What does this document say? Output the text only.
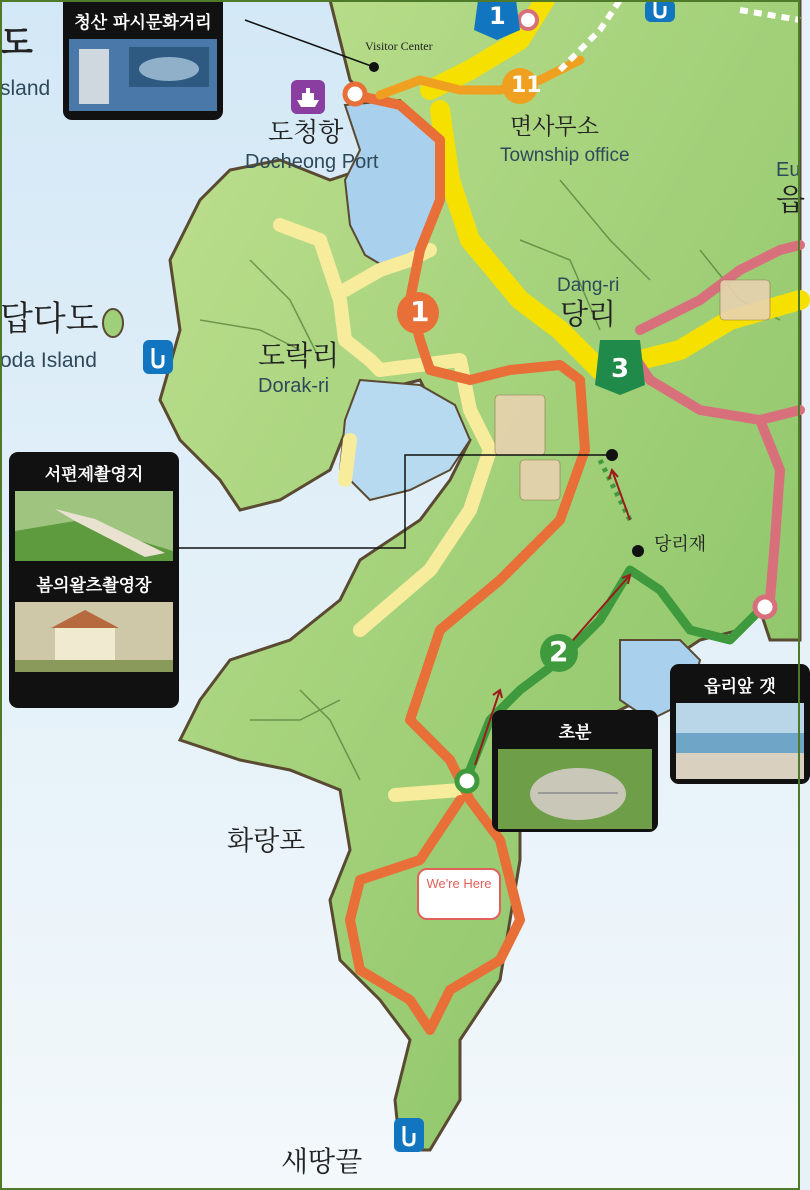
11
1
2
3
1
도
sland
Visitor Center
도청항
Docheong Port
면사무소
Township office
Dang-ri
당리
도락리
Dorak-ri
답다도
oda Island
당리재
화랑포
새땅끝
Eu
읍
청산 파시문화거리
서편제촬영지
봄의왈츠촬영장
초분
읍리앞 갯
We're Here
